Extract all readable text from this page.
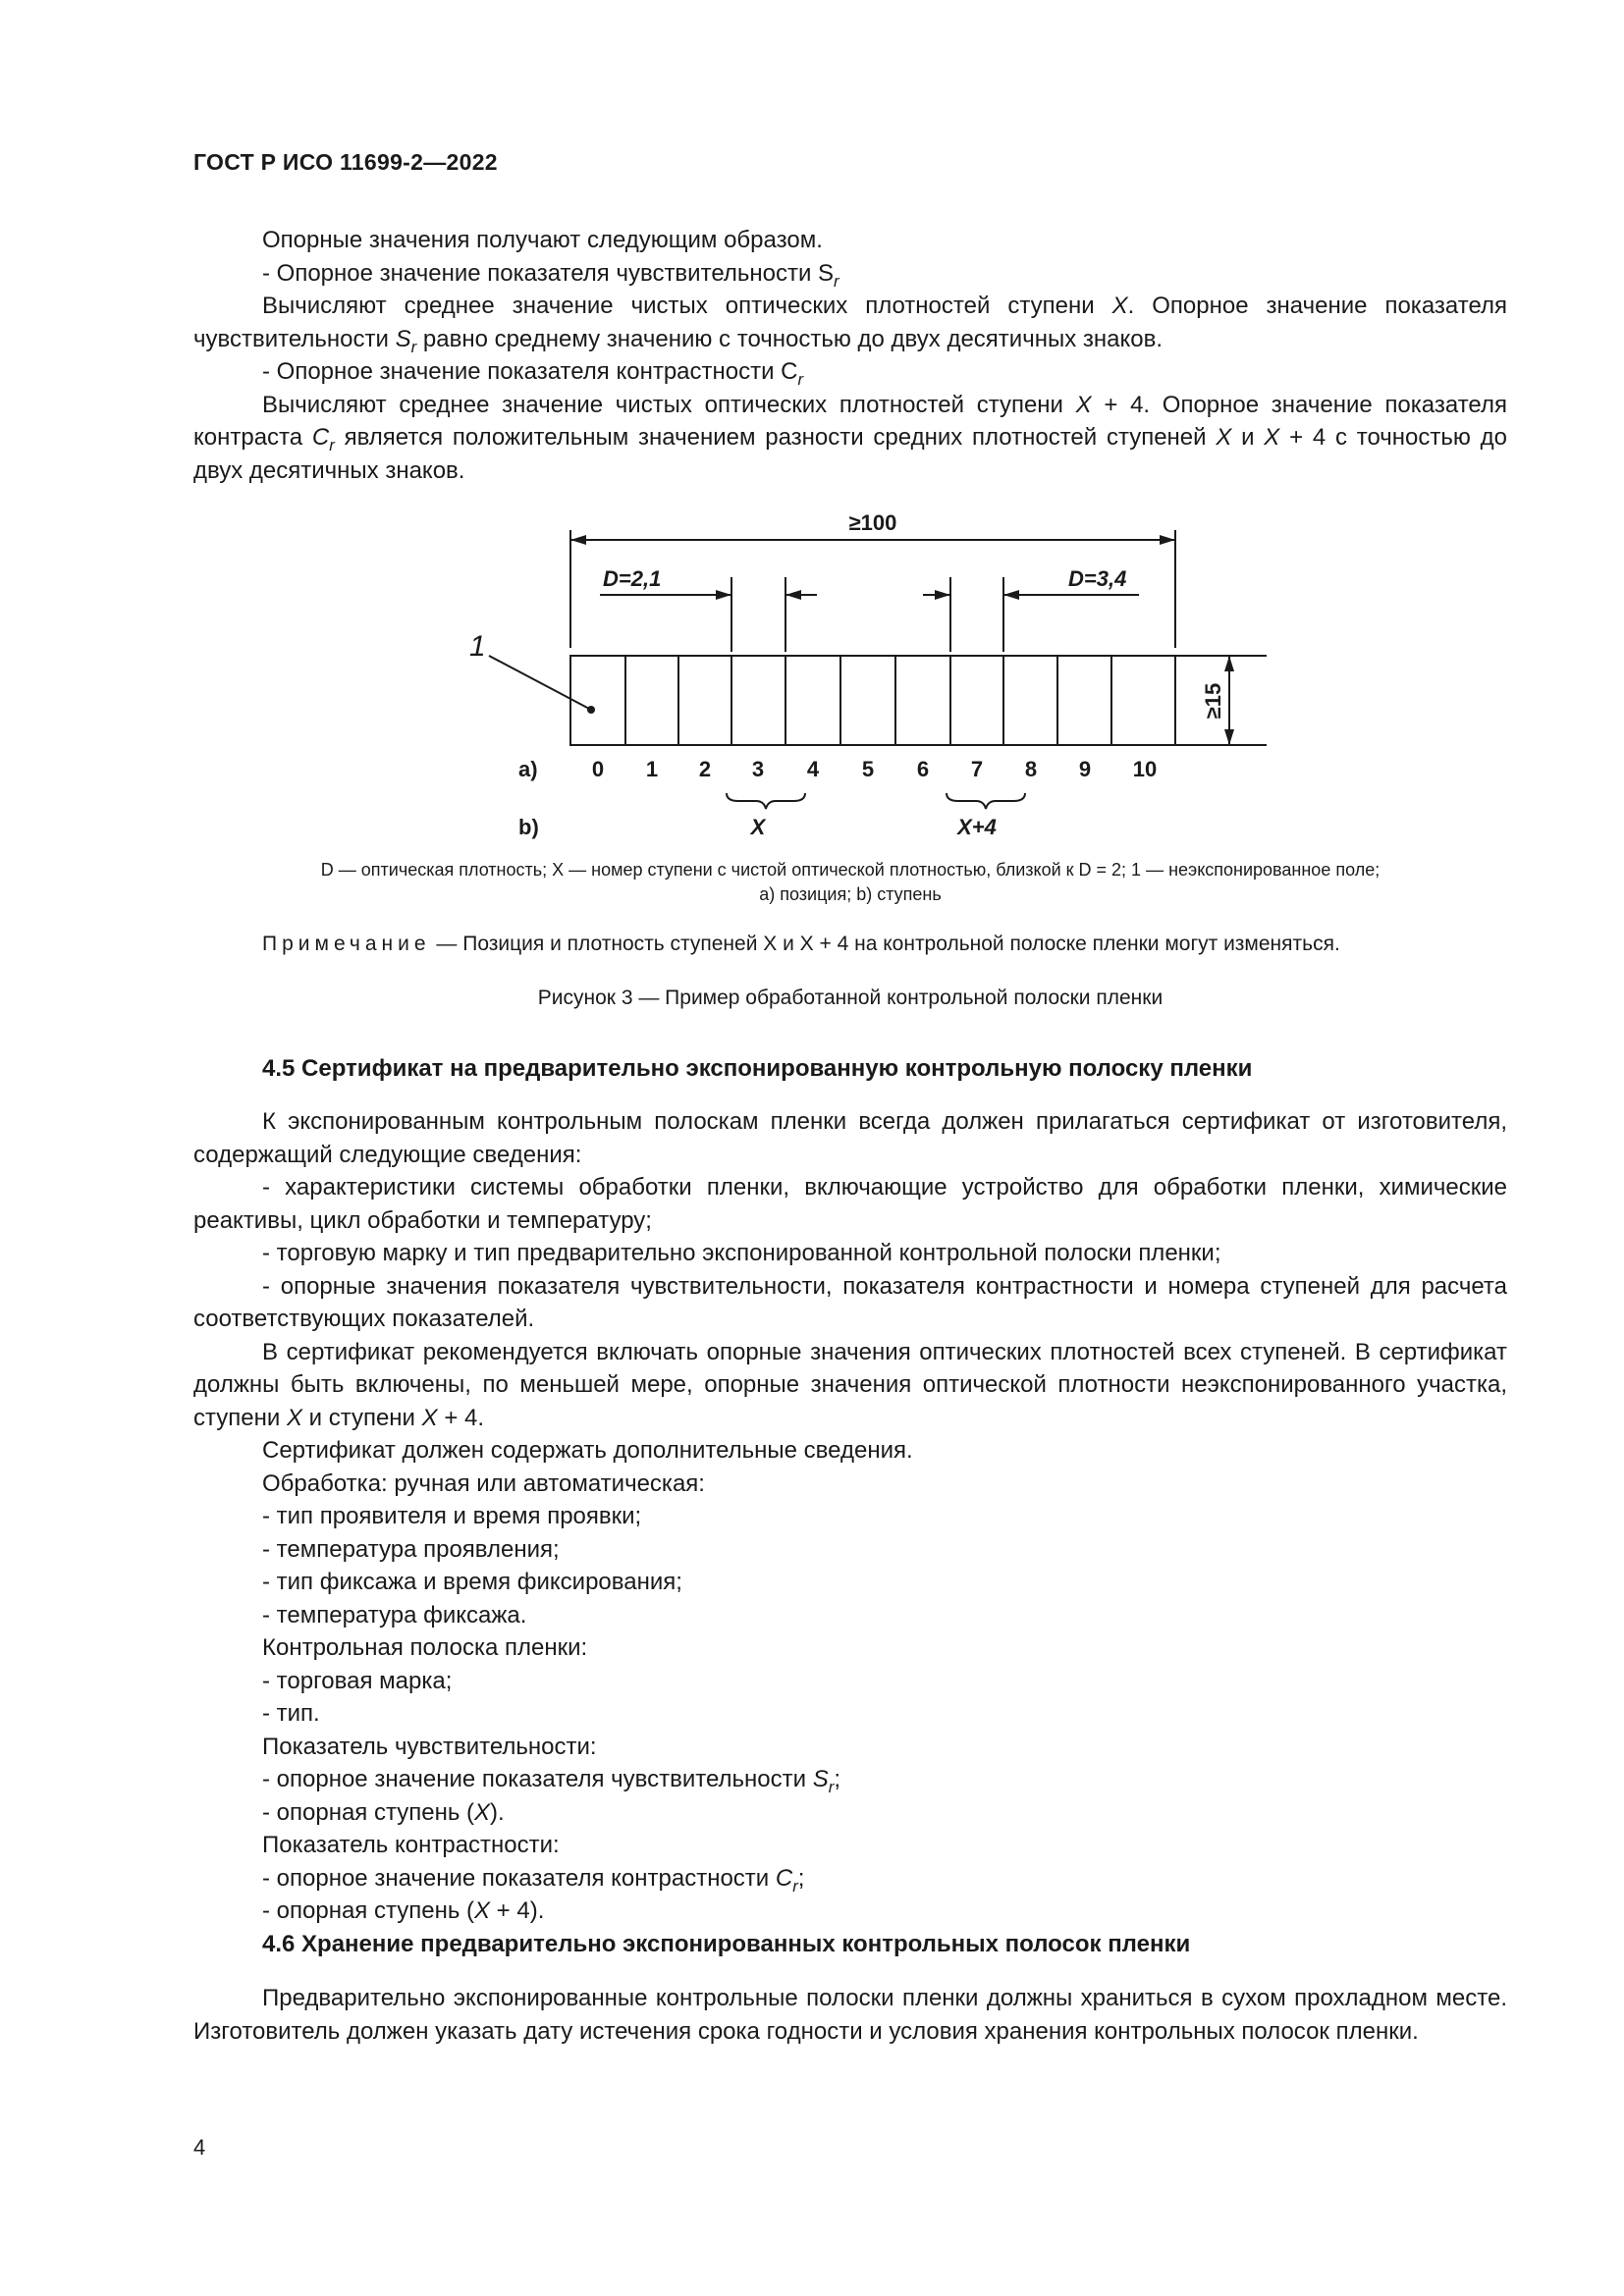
ГОСТ Р ИСО 11699-2—2022

Опорные значения получают следующим образом.

- Опорное значение показателя чувствительности $S_r$

Вычисляют среднее значение чистых оптических плотностей ступени X. Опорное значение показателя чувствительности $S_r$ равно среднему значению с точностью до двух десятичных знаков.

- Опорное значение показателя контрастности $C_r$

Вычисляют среднее значение чистых оптических плотностей ступени X + 4. Опорное значение показателя контраста $C_r$ является положительным значением разности средних плотностей ступеней X и X + 4 с точностью до двух десятичных знаков.

≥100
D=2,1	D=3,4
≥15
1
a)
b)
0 1 2 3 4 5 6 7 8 9 10
X	X+4
D — оптическая плотность; X — номер ступени с чистой оптической плотностью, близкой к D = 2; 1 — неэкспонированное поле;
a) позиция; b) ступень
Примечание — Позиция и плотность ступеней X и X + 4 на контрольной полоске пленки могут изменяться.
Рисунок 3 — Пример обработанной контрольной полоски пленки
4.5 Сертификат на предварительно экспонированную контрольную полоску пленки

К экспонированным контрольным полоскам пленки всегда должен прилагаться сертификат от изготовителя, содержащий следующие сведения:

- характеристики системы обработки пленки, включающие устройство для обработки пленки, химические реактивы, цикл обработки и температуру;

- торговую марку и тип предварительно экспонированной контрольной полоски пленки;

- опорные значения показателя чувствительности, показателя контрастности и номера ступеней для расчета соответствующих показателей.

В сертификат рекомендуется включать опорные значения оптических плотностей всех ступеней. В сертификат должны быть включены, по меньшей мере, опорные значения оптической плотности неэкспонированного участка, ступени X и ступени X + 4.

Сертификат должен содержать дополнительные сведения.

Обработка: ручная или автоматическая:

- тип проявителя и время проявки;

- температура проявления;

- тип фиксажа и время фиксирования;

- температура фиксажа.

Контрольная полоска пленки:

- торговая марка;

- тип.

Показатель чувствительности:

- опорное значение показателя чувствительности $S_r$;

- опорная ступень (X).

Показатель контрастности:

- опорное значение показателя контрастности $C_r$;

- опорная ступень (X + 4).

4.6 Хранение предварительно экспонированных контрольных полосок пленки

Предварительно экспонированные контрольные полоски пленки должны храниться в сухом прохладном месте. Изготовитель должен указать дату истечения срока годности и условия хранения контрольных полосок пленки.

4
